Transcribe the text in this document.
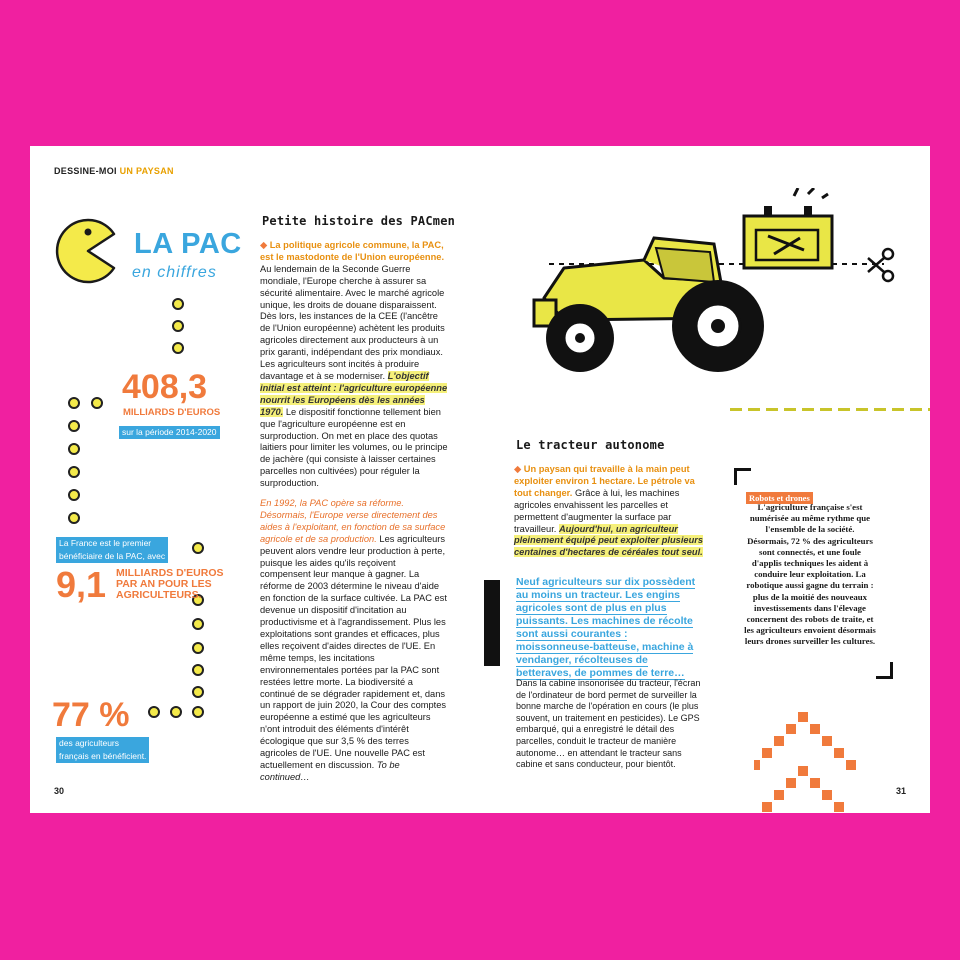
DESSINE-MOI UN PAYSAN
LA PAC
en chiffres
408,3
MILLIARDS D'EUROS
sur la période 2014-2020
La France est le premier
bénéficiaire de la PAC, avec
9,1 MILLIARDS D'EUROS
PAR AN POUR LES
AGRICULTEURS.
77 %
des agriculteurs
français en bénéficient.
30
Petite histoire des PACmen

◆ La politique agricole commune, la PAC, est le mastodonte de l'Union européenne. Au lendemain de la Seconde Guerre mondiale, l'Europe cherche à assurer sa sécurité alimentaire. Avec le marché agricole unique, les droits de douane disparaissent. Dès lors, les instances de la CEE (l'ancêtre de l'Union européenne) achètent les produits agricoles directement aux producteurs à un prix garanti, indépendant des prix mondiaux. Les agriculteurs sont incités à produire davantage et à se moderniser. L'objectif initial est atteint : l'agriculture européenne nourrit les Européens dès les années 1970. Le dispositif fonctionne tellement bien que l'agriculture européenne est en surproduction. On met en place des quotas laitiers pour limiter les volumes, ou le principe de jachère (qui consiste à laisser certaines parcelles non cultivées) pour réguler la surproduction.

En 1992, la PAC opère sa réforme. Désormais, l'Europe verse directement des aides à l'exploitant, en fonction de sa surface agricole et de sa production. Les agriculteurs peuvent alors vendre leur production à perte, puisque les aides qu'ils reçoivent compensent leur manque à gagner. La réforme de 2003 détermine le niveau d'aide en fonction de la surface cultivée. La PAC est devenue un dispositif d'incitation au productivisme et à l'agrandissement. Plus les exploitations sont grandes et efficaces, plus elles reçoivent d'aides directes de l'UE. En même temps, les incitations environnementales portées par la PAC sont restées lettre morte. La biodiversité a continué de se dégrader rapidement et, dans un rapport de juin 2020, la Cour des comptes européenne a estimé que les agriculteurs n'ont introduit des éléments d'intérêt écologique que sur 3,5 % des terres agricoles de l'UE. Une nouvelle PAC est actuellement en discussion. To be continued…

Le tracteur autonome

◆ Un paysan qui travaille à la main peut exploiter environ 1 hectare. Le pétrole va tout changer. Grâce à lui, les machines agricoles envahissent les parcelles et permettent d'augmenter la surface par travailleur. Aujourd'hui, un agriculteur pleinement équipé peut exploiter plusieurs centaines d'hectares de céréales tout seul.

Neuf agriculteurs sur dix possèdent au moins un tracteur. Les engins agricoles sont de plus en plus puissants. Les machines de récolte sont aussi courantes : moissonneuse-batteuse, machine à vendanger, récolteuses de betteraves, de pommes de terre…
Dans la cabine insonorisée du tracteur, l'écran de l'ordinateur de bord permet de surveiller la bonne marche de l'opération en cours (le plus souvent, un traitement en pesticides). Le GPS embarqué, qui a enregistré le détail des parcelles, conduit le tracteur de manière autonome… en attendant le tracteur sans cabine et sans conducteur, pour bientôt.
Robots et drones
L'agriculture française s'est numérisée au même rythme que l'ensemble de la société. Désormais, 72 % des agriculteurs sont connectés, et une foule d'applis techniques les aident à conduire leur exploitation. La robotique aussi gagne du terrain : plus de la moitié des nouveaux investissements dans l'élevage concernent des robots de traite, et les agriculteurs envoient désormais leurs drones surveiller les cultures.
31
